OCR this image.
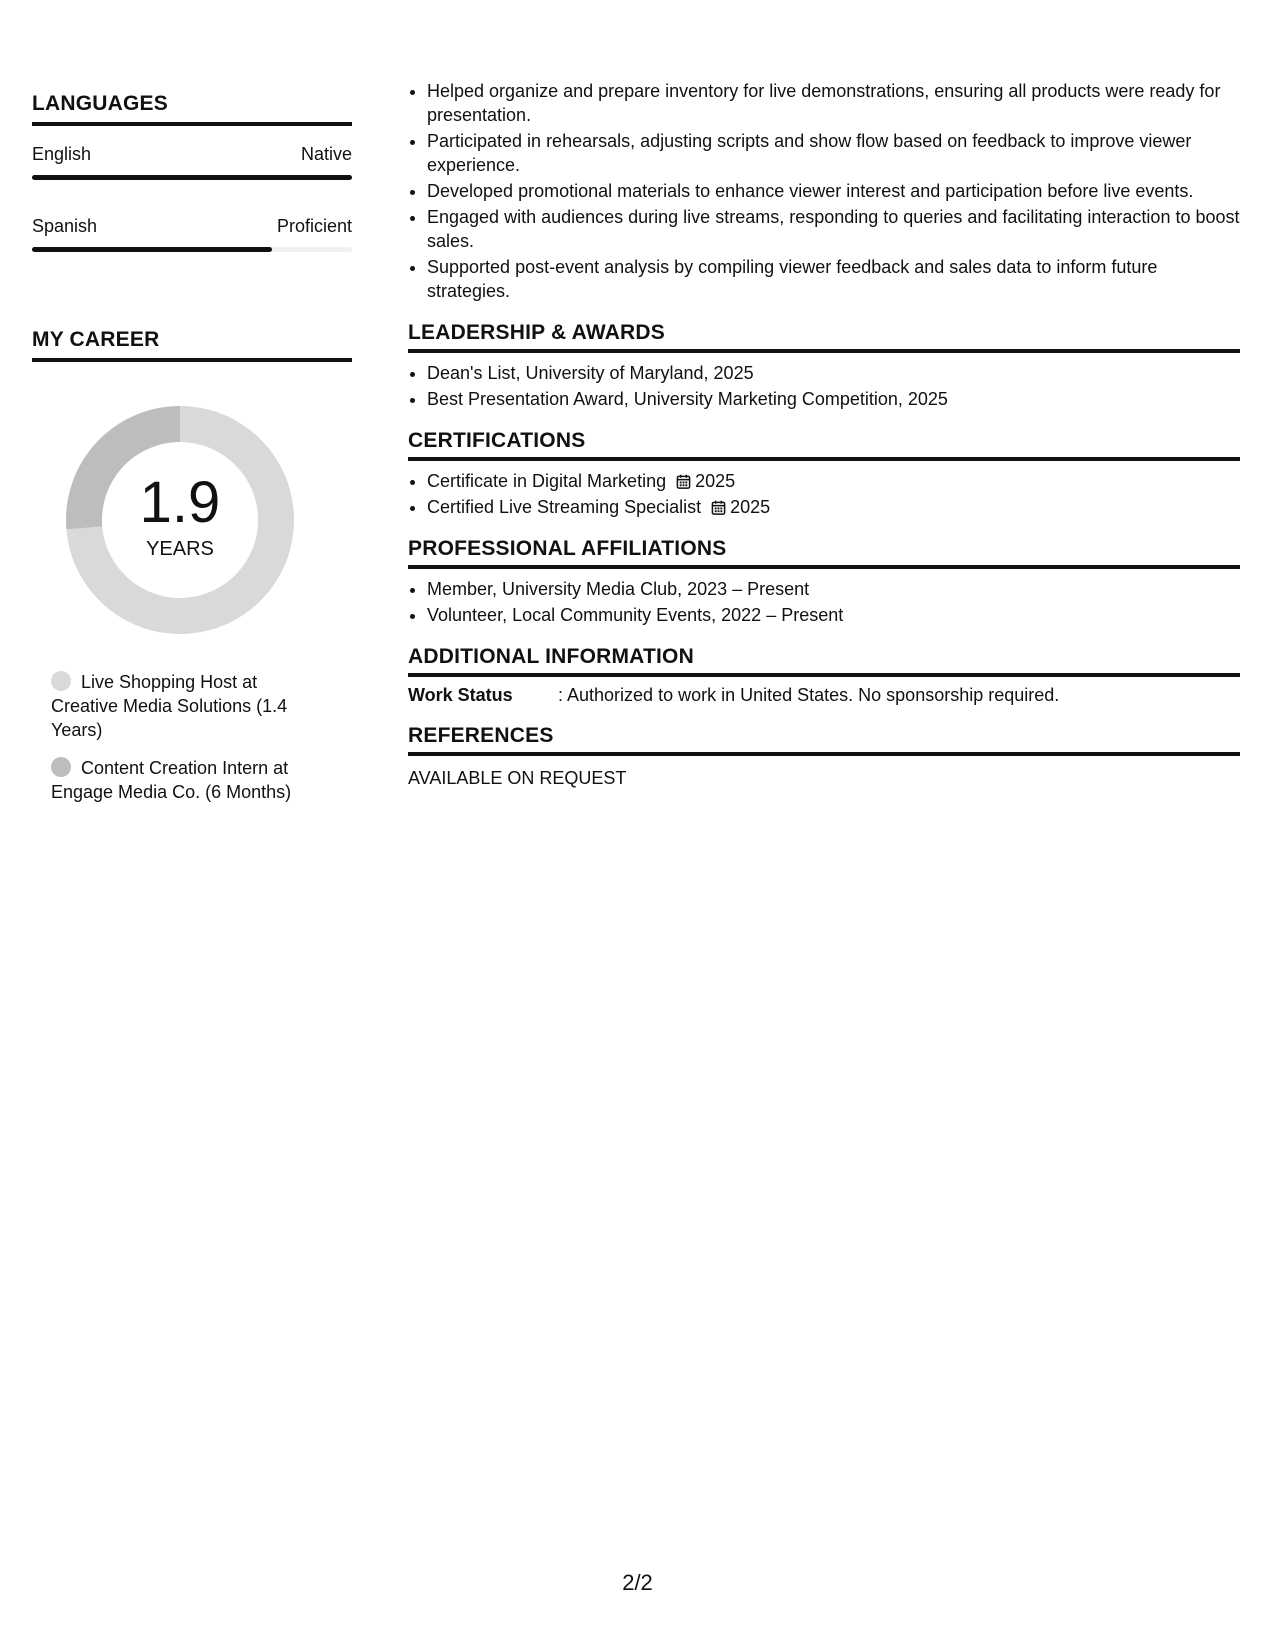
LANGUAGES
English	Native
Spanish	Proficient
MY CAREER
1.9
YEARS
Live Shopping Host at Creative Media Solutions (1.4 Years)
Content Creation Intern at Engage Media Co. (6 Months)
• Helped organize and prepare inventory for live demonstrations, ensuring all products were ready for presentation.
• Participated in rehearsals, adjusting scripts and show flow based on feedback to improve viewer experience.
• Developed promotional materials to enhance viewer interest and participation before live events.
• Engaged with audiences during live streams, responding to queries and facilitating interaction to boost sales.
• Supported post-event analysis by compiling viewer feedback and sales data to inform future strategies.
LEADERSHIP & AWARDS
• Dean's List, University of Maryland, 2025
• Best Presentation Award, University Marketing Competition, 2025
CERTIFICATIONS
• Certificate in Digital Marketing 2025
• Certified Live Streaming Specialist 2025
PROFESSIONAL AFFILIATIONS
• Member, University Media Club, 2023 – Present
• Volunteer, Local Community Events, 2022 – Present
ADDITIONAL INFORMATION
Work Status	: Authorized to work in United States. No sponsorship required.
REFERENCES
AVAILABLE ON REQUEST
2/2
